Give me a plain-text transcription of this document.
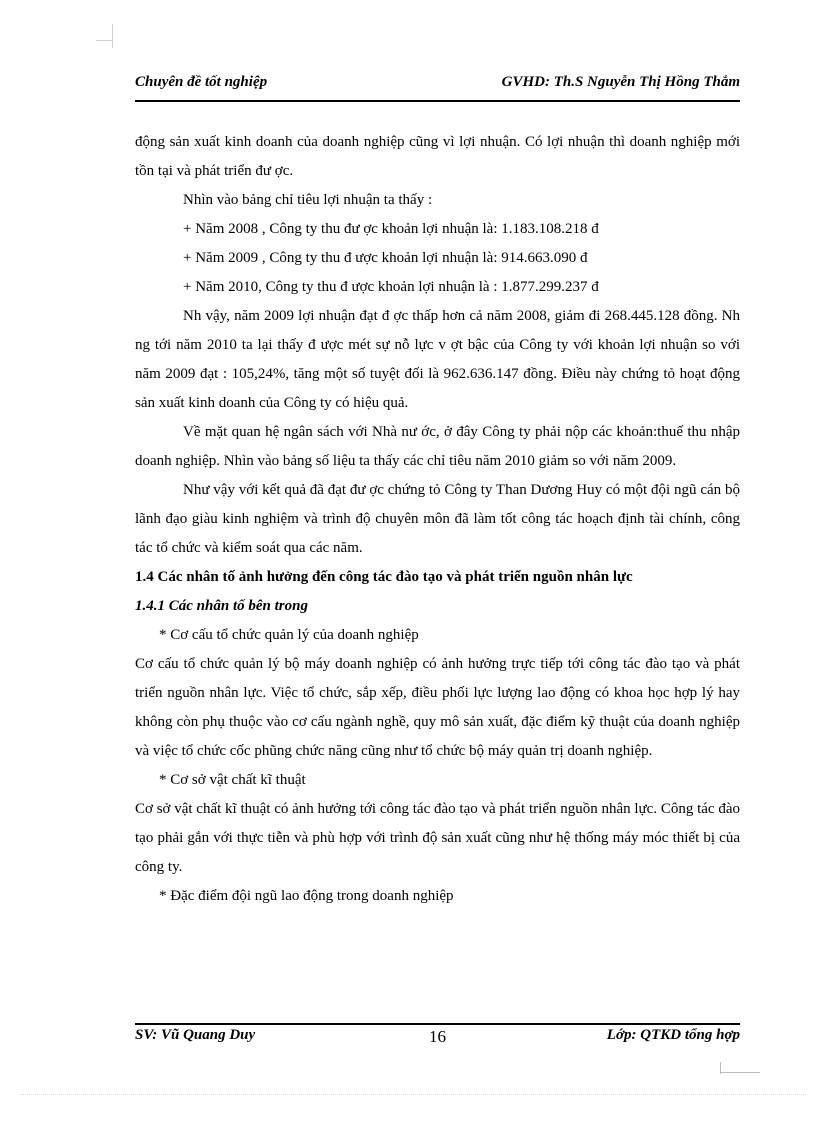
Chuyên đề tốt nghiệp	GVHD: Th.S Nguyễn Thị Hồng Thắm

động sản xuất kinh doanh của doanh nghiệp cũng vì lợi nhuận. Có lợi nhuận thì doanh nghiệp mới tồn tại và phát triển đư ợc.

Nhìn vào bảng chỉ tiêu lợi nhuận ta thấy :

+ Năm 2008 , Công ty thu đư ợc khoản lợi nhuận là: 1.183.108.218 đ

+ Năm 2009 , Công ty thu đ ược khoản lợi nhuận là: 914.663.090 đ

+ Năm 2010, Công ty thu đ ược khoản lợi nhuận là : 1.877.299.237 đ

Nh vậy, năm 2009 lợi nhuận đạt đ ợc thấp hơn cả năm 2008, giảm đi 268.445.128 đồng. Nh ng tới năm 2010 ta lại thấy đ ược mét sự nỗ lực v ợt bậc của Công ty với khoản lợi nhuận so với năm 2009 đạt : 105,24%, tăng một số tuyệt đối là 962.636.147 đồng. Điều này chứng tỏ hoạt động sản xuất kinh doanh của Công ty có hiệu quả.

Về mặt quan hệ ngân sách với Nhà nư ớc, ở đây Công ty phải nộp các khoản:thuế thu nhập doanh nghiệp. Nhìn vào bảng số liệu ta thấy các chỉ tiêu năm 2010 giảm so với năm 2009.

Như vậy với kết quả đã đạt đư ợc chứng tỏ Công ty Than Dương Huy có một đội ngũ cán bộ lãnh đạo giàu kinh nghiệm và trình độ chuyên môn đã làm tốt công tác hoạch định tài chính, công tác tổ chức và kiểm soát qua các năm.

1.4 Các nhân tố ảnh hưởng đến công tác đào tạo và phát triển nguồn nhân lực

1.4.1 Các nhân tố bên trong

* Cơ cấu tổ chức quản lý của doanh nghiệp

Cơ cấu tổ chức quản lý bộ máy doanh nghiệp có ảnh hưởng trực tiếp tới công tác đào tạo và phát triển nguồn nhân lực. Việc tổ chức, sắp xếp, điều phối lực lượng lao động có khoa học hợp lý hay không còn phụ thuộc vào cơ cấu ngành nghề, quy mô sản xuất, đặc điểm kỹ thuật của doanh nghiệp và việc tổ chức cốc phũng chức năng cũng như tổ chức bộ máy quản trị doanh nghiệp.

* Cơ sở vật chất kĩ thuật

Cơ sở vật chất kĩ thuật có ảnh hưởng tới công tác đào tạo và phát triển nguồn nhân lực. Công tác đào tạo phải gắn với thực tiễn và phù hợp với trình độ sản xuất cũng như hệ thống máy móc thiết bị của công ty.

* Đặc điểm đội ngũ lao động trong doanh nghiệp

SV: Vũ Quang Duy	16	Lớp: QTKD tổng hợp
